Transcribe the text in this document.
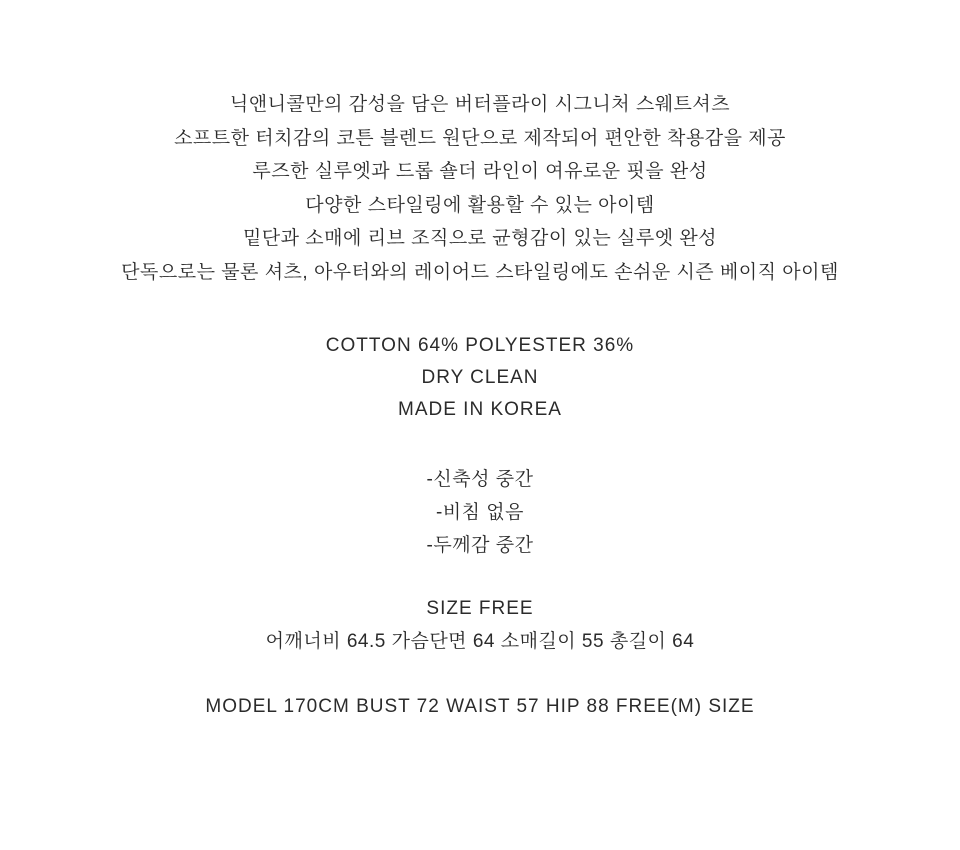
닉앤니콜만의 감성을 담은 버터플라이 시그니처 스웨트셔츠

소프트한 터치감의 코튼 블렌드 원단으로 제작되어 편안한 착용감을 제공

루즈한 실루엣과 드롭 숄더 라인이 여유로운 핏을 완성

다양한 스타일링에 활용할 수 있는 아이템

밑단과 소매에 리브 조직으로 균형감이 있는 실루엣 완성

단독으로는 물론 셔츠, 아우터와의 레이어드 스타일링에도 손쉬운 시즌 베이직 아이템

COTTON 64% POLYESTER 36%

DRY CLEAN

MADE IN KOREA

-신축성 중간

-비침 없음

-두께감 중간

SIZE FREE

어깨너비 64.5 가슴단면 64 소매길이 55 총길이 64

MODEL 170CM BUST 72 WAIST 57 HIP 88 FREE(M) SIZE
